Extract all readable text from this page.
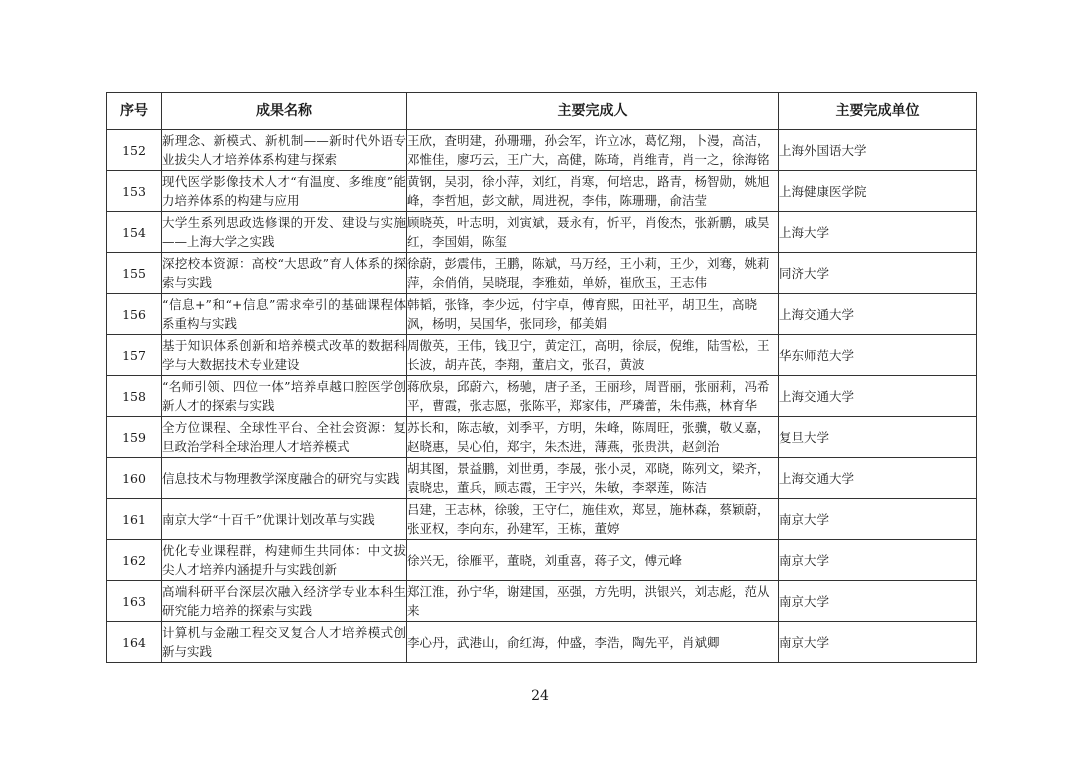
序号	成果名称	主要完成人	主要完成单位
152	新理念、新模式、新机制——新时代外语专业拔尖人才培养体系构建与探索	王欣，査明建，孙珊珊，孙会军，许立冰，葛忆翔，卜漫，高洁，邓惟佳，廖巧云，王广大，高健，陈琦，肖维青，肖一之，徐海铭	上海外国语大学
153	现代医学影像技术人才“有温度、多维度”能力培养体系的构建与应用	黄钢，吴羽，徐小萍，刘红，肖寒，何培忠，路青，杨智勋，姚旭峰，李哲旭，彭文献，周进祝，李伟，陈珊珊，俞洁莹	上海健康医学院
154	大学生系列思政选修课的开发、建设与实施——上海大学之实践	顾晓英，叶志明，刘寅斌，聂永有，忻平，肖俊杰，张新鹏，戚昊红，李国娟，陈玺	上海大学
155	深挖校本资源：高校“大思政”育人体系的探索与实践	徐蔚，彭震伟，王鹏，陈斌，马万经，王小莉，王少，刘骞，姚莉萍，余俏俏，吴晓琨，李雅茹，单娇，崔欣玉，王志伟	同济大学
156	“信息+”和“+信息”需求牵引的基础课程体系重构与实践	韩韬，张锋，李少远，付宇卓，傅育熙，田社平，胡卫生，高晓沨，杨明，吴国华，张同珍，郁美娟	上海交通大学
157	基于知识体系创新和培养模式改革的数据科学与大数据技术专业建设	周傲英，王伟，钱卫宁，黄定江，高明，徐辰，倪维，陆雪松，王长波，胡卉芪，李翔，董启文，张召，黄波	华东师范大学
158	“名师引领、四位一体”培养卓越口腔医学创新人才的探索与实践	蒋欣泉，邱蔚六，杨驰，唐子圣，王丽珍，周晋丽，张丽莉，冯希平，曹霞，张志愿，张陈平，郑家伟，严璘蕾，朱伟燕，林育华	上海交通大学
159	全方位课程、全球性平台、全社会资源：复旦政治学科全球治理人才培养模式	苏长和，陈志敏，刘季平，方明，朱峰，陈周旺，张骥，敬乂嘉，赵晓惠，吴心伯，郑宇，朱杰进，薄燕，张贵洪，赵剑治	复旦大学
160	信息技术与物理教学深度融合的研究与实践	胡其图，景益鹏，刘世勇，李晟，张小灵，邓晓，陈列文，梁齐，袁晓忠，董兵，顾志霞，王宇兴，朱敏，李翠莲，陈洁	上海交通大学
161	南京大学“十百千”优课计划改革与实践	吕建，王志林，徐骏，王守仁，施佳欢，郑昱，施林森，蔡颖蔚，张亚权，李向东，孙建军，王栋，董婷	南京大学
162	优化专业课程群，构建师生共同体：中文拔尖人才培养内涵提升与实践创新	徐兴无，徐雁平，董晓，刘重喜，蒋子文，傅元峰	南京大学
163	高端科研平台深层次融入经济学专业本科生研究能力培养的探索与实践	郑江淮，孙宁华，谢建国，巫强，方先明，洪银兴，刘志彪，范从来	南京大学
164	计算机与金融工程交叉复合人才培养模式创新与实践	李心丹，武港山，俞红海，仲盛，李浩，陶先平，肖斌卿	南京大学
24
